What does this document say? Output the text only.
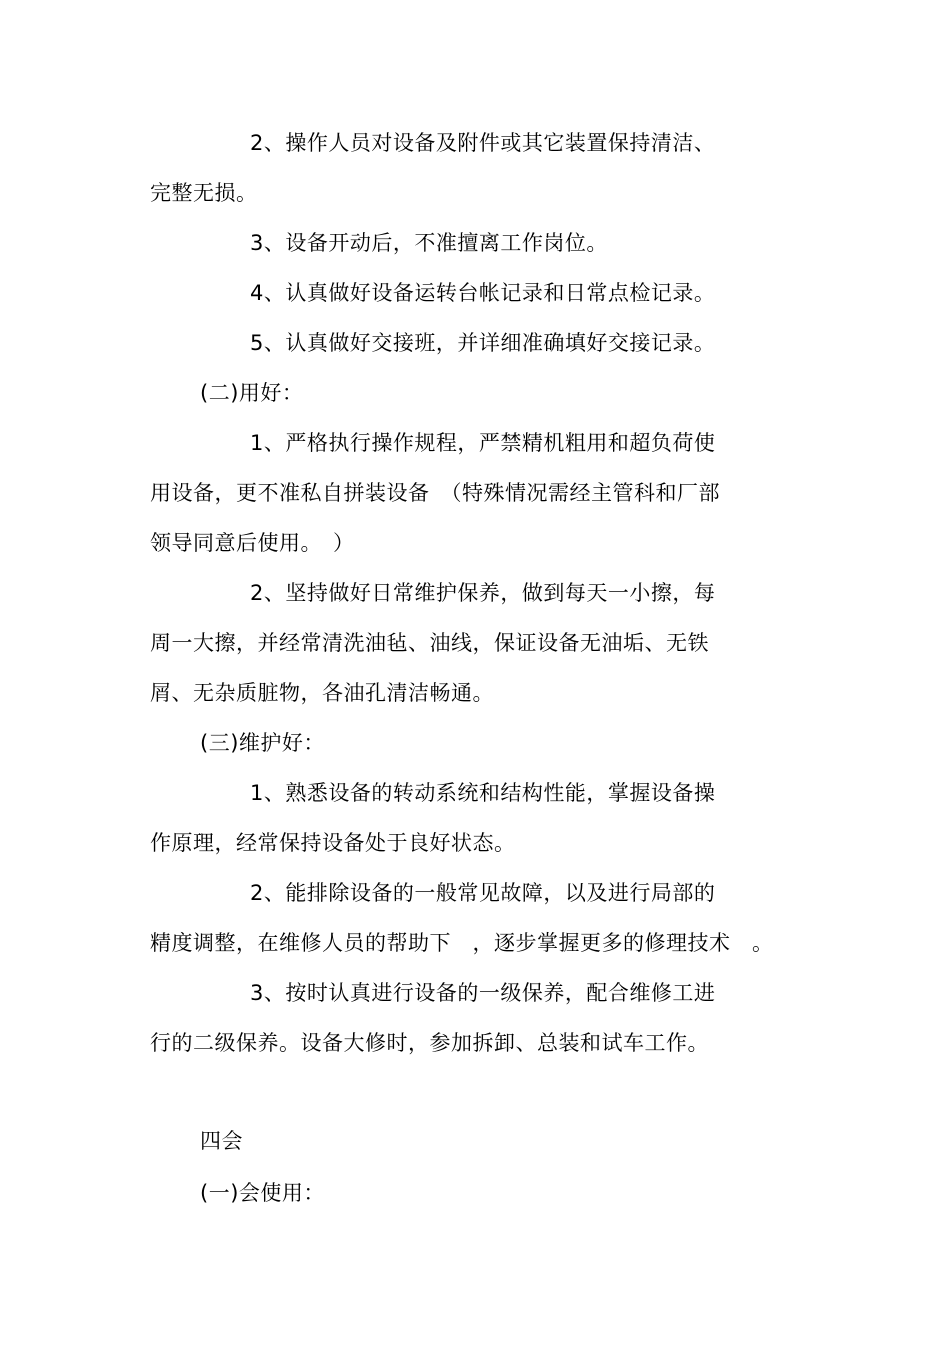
2、操作人员对设备及附件或其它装置保持清洁、
完整无损。
3、设备开动后，不准擅离工作岗位。
4、认真做好设备运转台帐记录和日常点检记录。
5、认真做好交接班，并详细准确填好交接记录。
(二)用好：
1、严格执行操作规程，严禁精机粗用和超负荷使
用设备，更不准私自拼装设备　（特殊情况需经主管科和厂部
领导同意后使用。　）
2、坚持做好日常维护保养，做到每天一小擦，每
周一大擦，并经常清洗油毡、油线，保证设备无油垢、无铁
屑、无杂质脏物，各油孔清洁畅通。
(三)维护好：
1、熟悉设备的转动系统和结构性能，掌握设备操
作原理，经常保持设备处于良好状态。
2、能排除设备的一般常见故障，以及进行局部的
精度调整，在维修人员的帮助下　，逐步掌握更多的修理技术　。
3、按时认真进行设备的一级保养，配合维修工进
行的二级保养。设备大修时，参加拆卸、总装和试车工作。
四会
(一)会使用：
